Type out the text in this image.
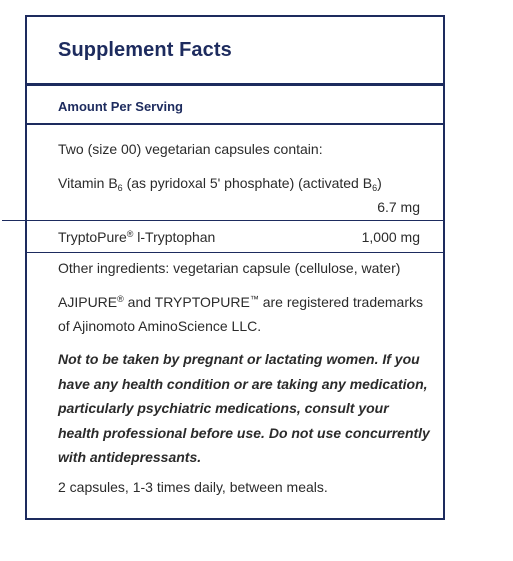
Supplement Facts
Amount Per Serving
Two (size 00) vegetarian capsules contain:
Vitamin $B_6$ (as pyridoxal 5' phosphate) (activated $B_6$)
6.7 mg
TryptoPure® l-Tryptophan	1,000 mg
Other ingredients: vegetarian capsule (cellulose, water)
AJIPURE® and TRYPTOPURE™ are registered trademarks of Ajinomoto AminoScience LLC.
Not to be taken by pregnant or lactating women. If you have any health condition or are taking any medication, particularly psychiatric medications, consult your health professional before use. Do not use concurrently with antidepressants.
2 capsules, 1-3 times daily, between meals.
